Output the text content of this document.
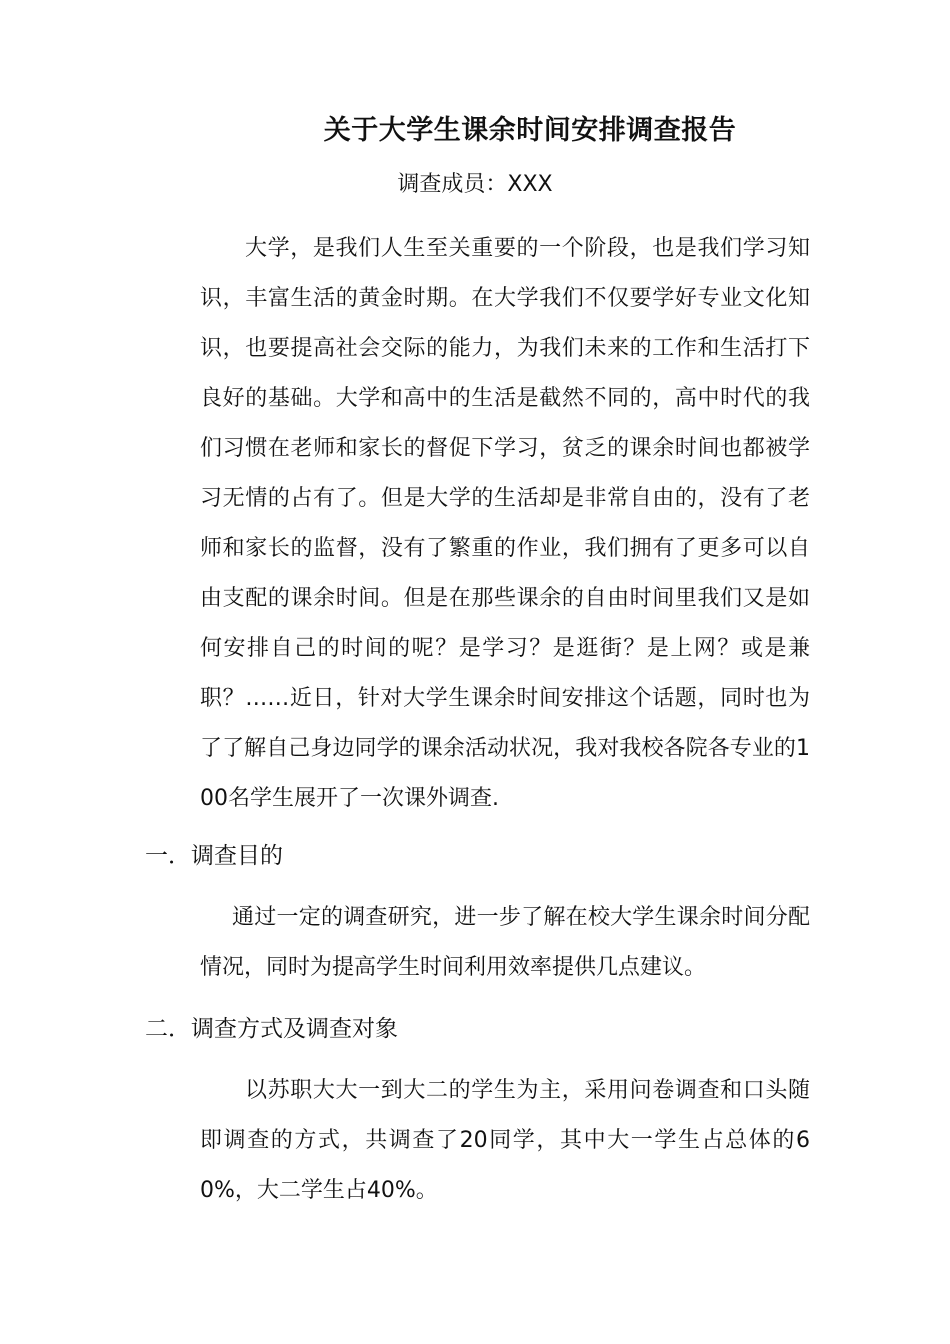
关于大学生课余时间安排调查报告
调查成员：XXX
大学，是我们人生至关重要的一个阶段，也是我们学习知识，丰富生活的黄金时期。在大学我们不仅要学好专业文化知识，也要提高社会交际的能力，为我们未来的工作和生活打下良好的基础。大学和高中的生活是截然不同的，高中时代的我们习惯在老师和家长的督促下学习，贫乏的课余时间也都被学习无情的占有了。但是大学的生活却是非常自由的，没有了老师和家长的监督，没有了繁重的作业，我们拥有了更多可以自由支配的课余时间。但是在那些课余的自由时间里我们又是如何安排自己的时间的呢？是学习？是逛街？是上网？或是兼职？……近日，针对大学生课余时间安排这个话题，同时也为了了解自己身边同学的课余活动状况，我对我校各院各专业的100名学生展开了一次课外调查.
一．调查目的
通过一定的调查研究，进一步了解在校大学生课余时间分配情况，同时为提高学生时间利用效率提供几点建议。
二．调查方式及调查对象
以苏职大大一到大二的学生为主，采用问卷调查和口头随即调查的方式，共调查了20同学，其中大一学生占总体的60%，大二学生占40%。
